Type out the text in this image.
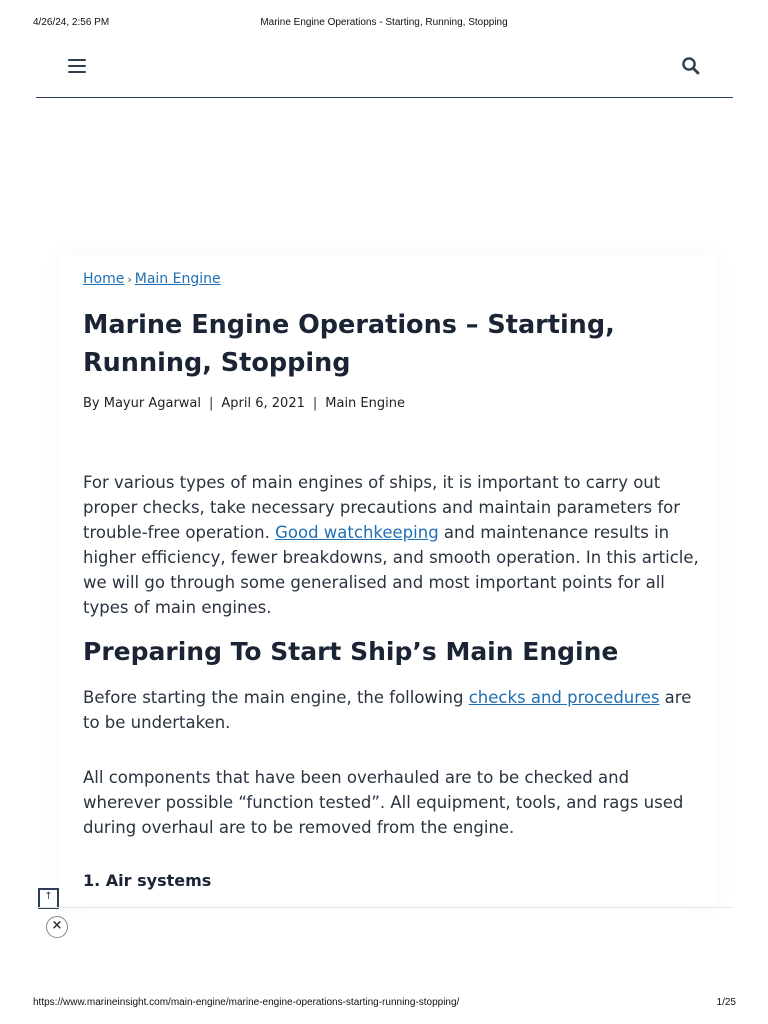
4/26/24, 2:56 PM	Marine Engine Operations - Starting, Running, Stopping
Home › Main Engine
Marine Engine Operations – Starting, Running, Stopping
By Mayur Agarwal | April 6, 2021 | Main Engine

For various types of main engines of ships, it is important to carry out proper checks, take necessary precautions and maintain parameters for trouble-free operation. Good watchkeeping and maintenance results in higher efficiency, fewer breakdowns, and smooth operation. In this article, we will go through some generalised and most important points for all types of main engines.

Preparing To Start Ship’s Main Engine

Before starting the main engine, the following checks and procedures are to be undertaken.

All components that have been overhauled are to be checked and wherever possible “function tested”. All equipment, tools, and rags used during overhaul are to be removed from the engine.

1. Air systems
↑
×
https://www.marineinsight.com/main-engine/marine-engine-operations-starting-running-stopping/	1/25
